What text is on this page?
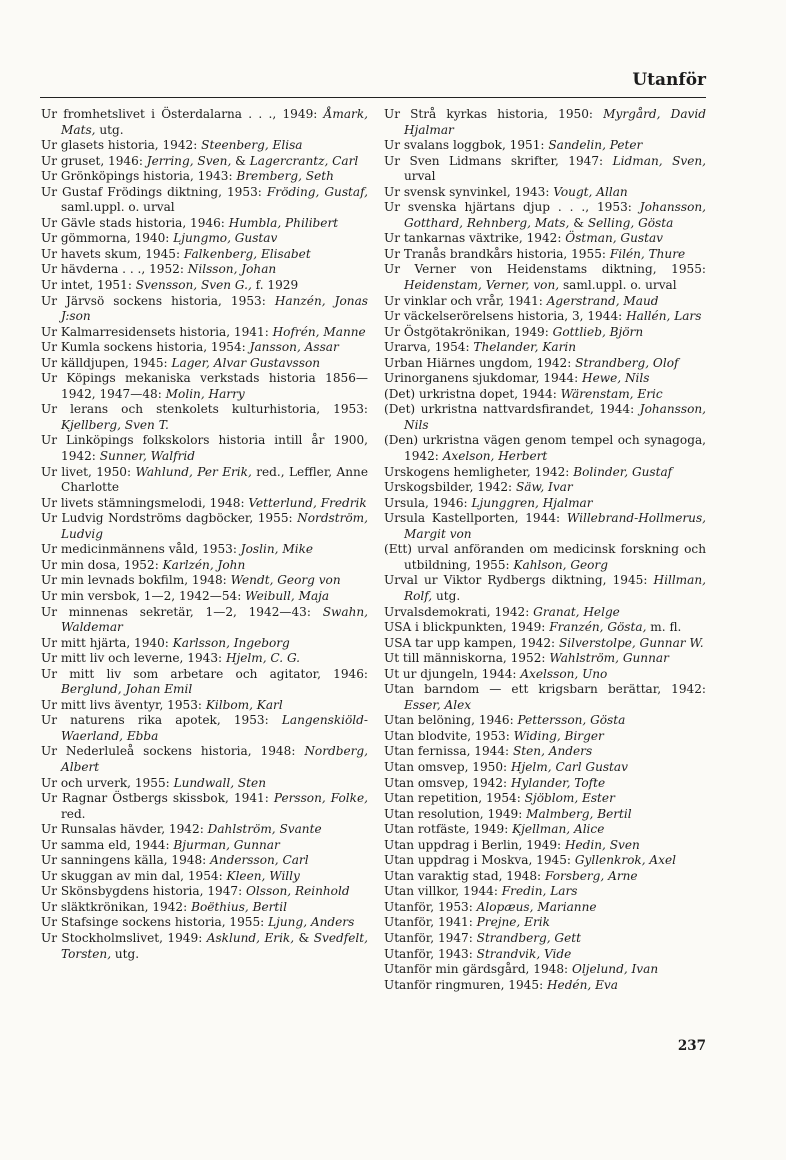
Utanför
Ur fromhetslivet i Österdalarna . . ., 1949: Åmark, Mats, utg.
Ur glasets historia, 1942: Steenberg, Elisa
Ur gruset, 1946: Jerring, Sven, & Lagercrantz, Carl
Ur Grönköpings historia, 1943: Bremberg, Seth
Ur Gustaf Frödings diktning, 1953: Fröding, Gustaf, saml.uppl. o. urval
Ur Gävle stads historia, 1946: Humbla, Philibert
Ur gömmorna, 1940: Ljungmo, Gustav
Ur havets skum, 1945: Falkenberg, Elisabet
Ur hävderna . . ., 1952: Nilsson, Johan
Ur intet, 1951: Svensson, Sven G., f. 1929
Ur Järvsö sockens historia, 1953: Hanzén, Jonas J:son
Ur Kalmarresidensets historia, 1941: Hofrén, Manne
Ur Kumla sockens historia, 1954: Jansson, Assar
Ur källdjupen, 1945: Lager, Alvar Gustavsson
Ur Köpings mekaniska verkstads historia 1856—1942, 1947—48: Molin, Harry
Ur lerans och stenkolets kulturhistoria, 1953: Kjellberg, Sven T.
Ur Linköpings folkskolors historia intill år 1900, 1942: Sunner, Walfrid
Ur livet, 1950: Wahlund, Per Erik, red., Leffler, Anne Charlotte
Ur livets stämningsmelodi, 1948: Vetterlund, Fredrik
Ur Ludvig Nordströms dagböcker, 1955: Nordström, Ludvig
Ur medicinmännens våld, 1953: Joslin, Mike
Ur min dosa, 1952: Karlzén, John
Ur min levnads bokfilm, 1948: Wendt, Georg von
Ur min versbok, 1—2, 1942—54: Weibull, Maja
Ur minnenas sekretär, 1—2, 1942—43: Swahn, Waldemar
Ur mitt hjärta, 1940: Karlsson, Ingeborg
Ur mitt liv och leverne, 1943: Hjelm, C. G.
Ur mitt liv som arbetare och agitator, 1946: Berglund, Johan Emil
Ur mitt livs äventyr, 1953: Kilbom, Karl
Ur naturens rika apotek, 1953: Langenskiöld-Waerland, Ebba
Ur Nederluleå sockens historia, 1948: Nordberg, Albert
Ur och urverk, 1955: Lundwall, Sten
Ur Ragnar Östbergs skissbok, 1941: Persson, Folke, red.
Ur Runsalas hävder, 1942: Dahlström, Svante
Ur samma eld, 1944: Bjurman, Gunnar
Ur sanningens källa, 1948: Andersson, Carl
Ur skuggan av min dal, 1954: Kleen, Willy
Ur Skönsbygdens historia, 1947: Olsson, Reinhold
Ur släktkrönikan, 1942: Boëthius, Bertil
Ur Stafsinge sockens historia, 1955: Ljung, Anders
Ur Stockholmslivet, 1949: Asklund, Erik, & Svedfelt, Torsten, utg.
Ur Strå kyrkas historia, 1950: Myrgård, David Hjalmar
Ur svalans loggbok, 1951: Sandelin, Peter
Ur Sven Lidmans skrifter, 1947: Lidman, Sven, urval
Ur svensk synvinkel, 1943: Vougt, Allan
Ur svenska hjärtans djup . . ., 1953: Johansson, Gotthard, Rehnberg, Mats, & Selling, Gösta
Ur tankarnas växtrike, 1942: Östman, Gustav
Ur Tranås brandkårs historia, 1955: Filén, Thure
Ur Verner von Heidenstams diktning, 1955: Heidenstam, Verner, von, saml.uppl. o. urval
Ur vinklar och vrår, 1941: Agerstrand, Maud
Ur väckelserörelsens historia, 3, 1944: Hallén, Lars
Ur Östgötakrönikan, 1949: Gottlieb, Björn
Urarva, 1954: Thelander, Karin
Urban Hiärnes ungdom, 1942: Strandberg, Olof
Urinorganens sjukdomar, 1944: Hewe, Nils
(Det) urkristna dopet, 1944: Wärenstam, Eric
(Det) urkristna nattvardsfirandet, 1944: Johansson, Nils
(Den) urkristna vägen genom tempel och synagoga, 1942: Axelson, Herbert
Urskogens hemligheter, 1942: Bolinder, Gustaf
Urskogsbilder, 1942: Säw, Ivar
Ursula, 1946: Ljunggren, Hjalmar
Ursula Kastellporten, 1944: Willebrand-Hollmerus, Margit von
(Ett) urval anföranden om medicinsk forskning och utbildning, 1955: Kahlson, Georg
Urval ur Viktor Rydbergs diktning, 1945: Hillman, Rolf, utg.
Urvalsdemokrati, 1942: Granat, Helge
USA i blickpunkten, 1949: Franzén, Gösta, m. fl.
USA tar upp kampen, 1942: Silverstolpe, Gunnar W.
Ut till människorna, 1952: Wahlström, Gunnar
Ut ur djungeln, 1944: Axelsson, Uno
Utan barndom — ett krigsbarn berättar, 1942: Esser, Alex
Utan belöning, 1946: Pettersson, Gösta
Utan blodvite, 1953: Widing, Birger
Utan fernissa, 1944: Sten, Anders
Utan omsvep, 1950: Hjelm, Carl Gustav
Utan omsvep, 1942: Hylander, Tofte
Utan repetition, 1954: Sjöblom, Ester
Utan resolution, 1949: Malmberg, Bertil
Utan rotfäste, 1949: Kjellman, Alice
Utan uppdrag i Berlin, 1949: Hedin, Sven
Utan uppdrag i Moskva, 1945: Gyllenkrok, Axel
Utan varaktig stad, 1948: Forsberg, Arne
Utan villkor, 1944: Fredin, Lars
Utanför, 1953: Alopæus, Marianne
Utanför, 1941: Prejne, Erik
Utanför, 1947: Strandberg, Gett
Utanför, 1943: Strandvik, Vide
Utanför min gärdsgård, 1948: Oljelund, Ivan
Utanför ringmuren, 1945: Hedén, Eva
237
